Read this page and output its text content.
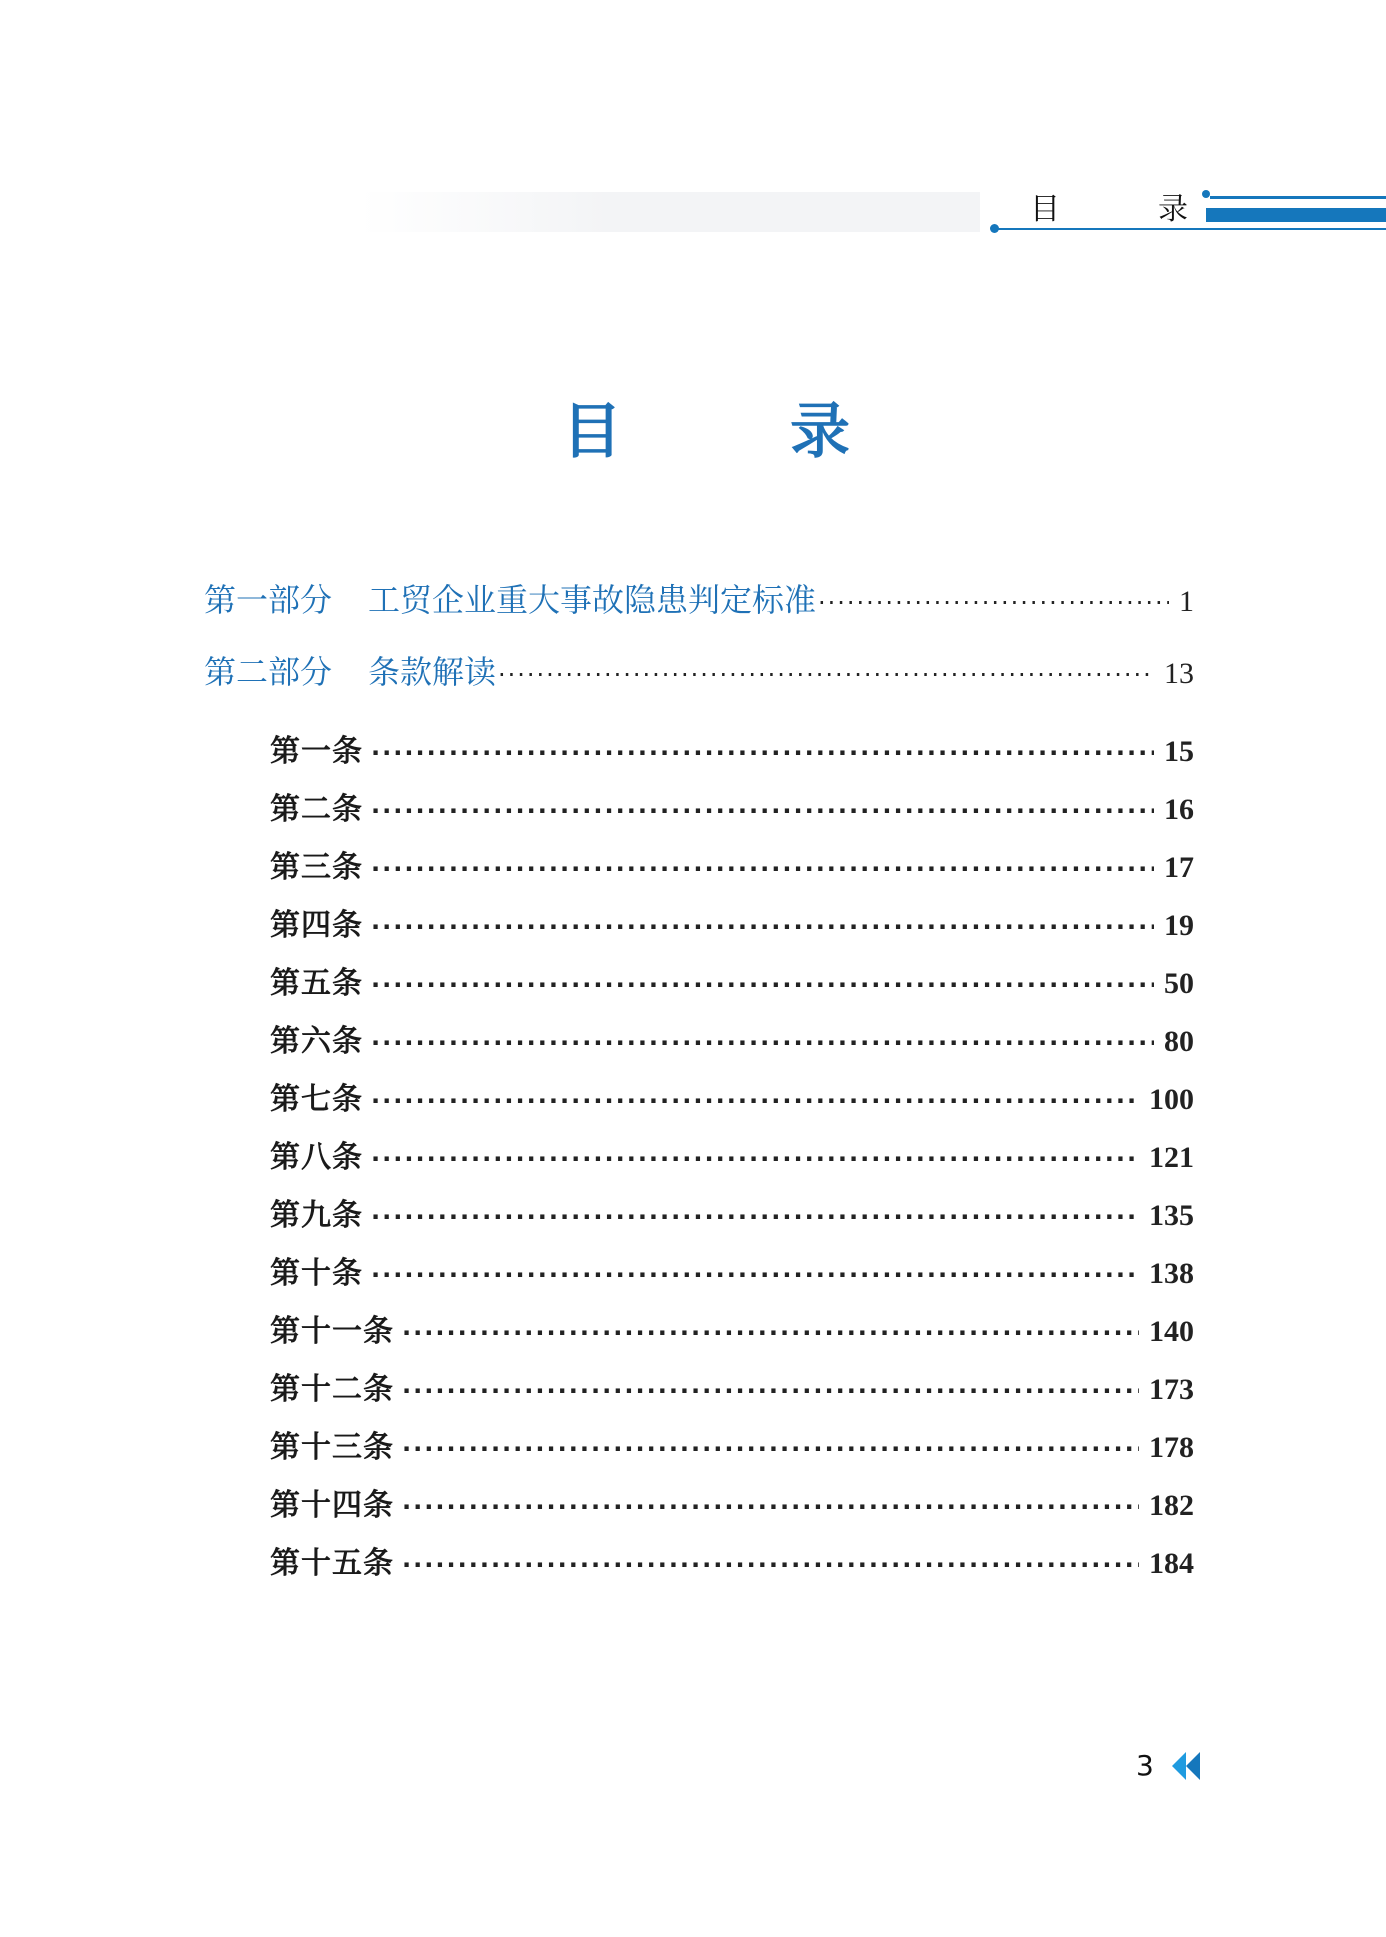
目	录
目	录
第一部分 工贸企业重大事故隐患判定标准 ·····	1
第二部分 条款解读 ·····	13
第一条 ·····	15
第二条 ·····	16
第三条 ·····	17
第四条 ·····	19
第五条 ·····	50
第六条 ·····	80
第七条 ·····	100
第八条 ·····	121
第九条 ·····	135
第十条 ·····	138
第十一条 ·····	140
第十二条 ·····	173
第十三条 ·····	178
第十四条 ·····	182
第十五条 ·····	184
3
